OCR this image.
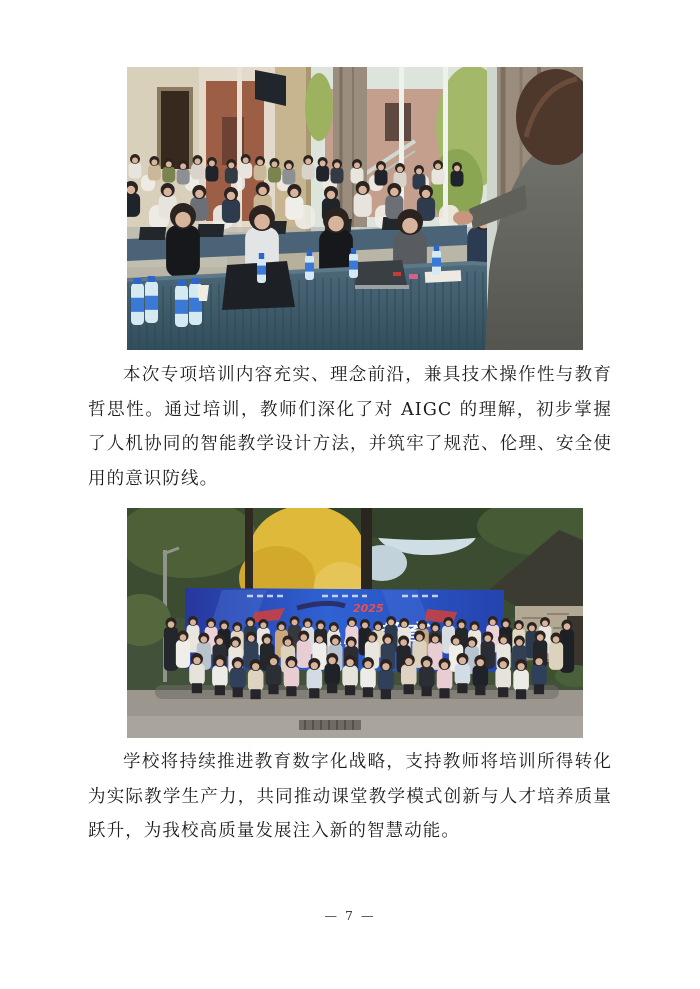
本次专项培训内容充实、理念前沿，兼具技术操作性与教育哲思性。通过培训，教师们深化了对 AIGC 的理解，初步掌握了人机协同的智能教学设计方法，并筑牢了规范、伦理、安全使用的意识防线。

2025

学校将持续推进教育数字化战略，支持教师将培训所得转化为实际教学生产力，共同推动课堂教学模式创新与人才培养质量跃升，为我校高质量发展注入新的智慧动能。

— 7 —
